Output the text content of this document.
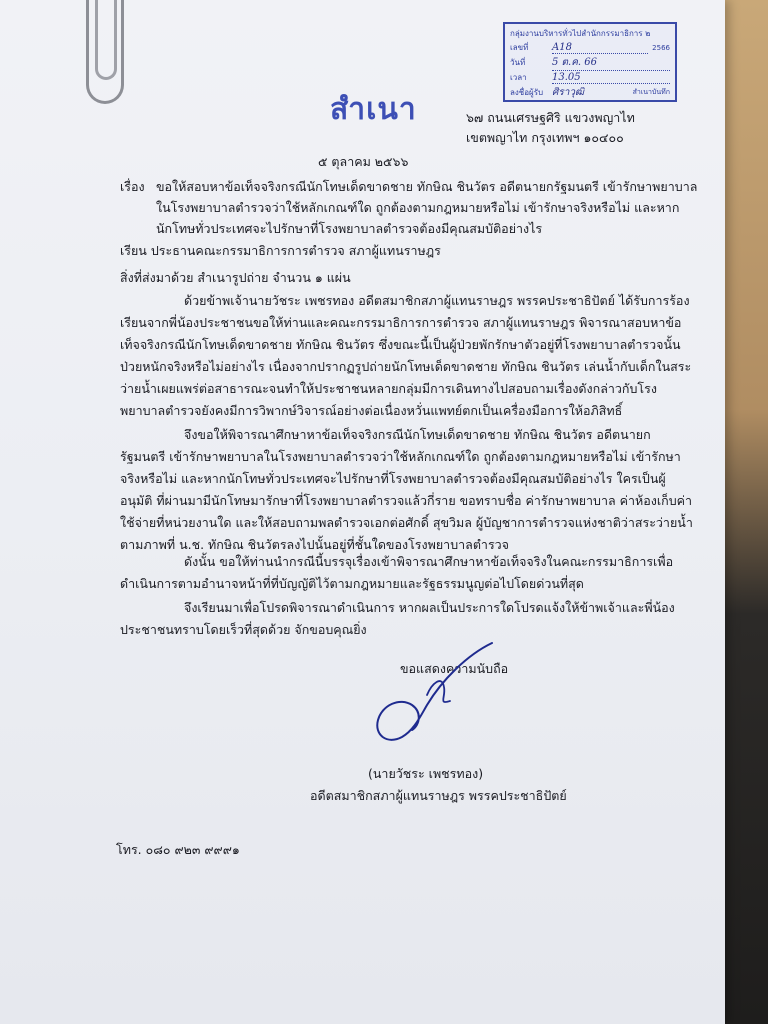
กลุ่มงานบริหารทั่วไปสำนักกรรมาธิการ ๒
เลขที่	A18	2566
วันที่	5 ต.ค. 66
เวลา	13.05
ลงชื่อผู้รับ ศิราวุฒิ	สำเนาบันทึก
สำเนา	๖๗ ถนนเศรษฐศิริ แขวงพญาไท
เขตพญาไท กรุงเทพฯ ๑๐๔๐๐
๕ ตุลาคม ๒๕๖๖
เรื่อง ขอให้สอบหาข้อเท็จจริงกรณีนักโทษเด็ดขาดชาย ทักษิณ ชินวัตร อดีตนายกรัฐมนตรี เข้ารักษาพยาบาลในโรงพยาบาลตำรวจว่าใช้หลักเกณฑ์ใด ถูกต้องตามกฎหมายหรือไม่ เข้ารักษาจริงหรือไม่ และหากนักโทษทั่วประเทศจะไปรักษาที่โรงพยาบาลตำรวจต้องมีคุณสมบัติอย่างไร
เรียน ประธานคณะกรรมาธิการการตำรวจ สภาผู้แทนราษฎร
สิ่งที่ส่งมาด้วย สำเนารูปถ่าย จำนวน ๑ แผ่น
ด้วยข้าพเจ้านายวัชระ เพชรทอง อดีตสมาชิกสภาผู้แทนราษฎร พรรคประชาธิปัตย์ ได้รับการร้องเรียนจากพี่น้องประชาชนขอให้ท่านและคณะกรรมาธิการการตำรวจ สภาผู้แทนราษฎร พิจารณาสอบหาข้อเท็จจริงกรณีนักโทษเด็ดขาดชาย ทักษิณ ชินวัตร ซึ่งขณะนี้เป็นผู้ป่วยพักรักษาตัวอยู่ที่โรงพยาบาลตำรวจนั้นป่วยหนักจริงหรือไม่อย่างไร เนื่องจากปรากฏรูปถ่ายนักโทษเด็ดขาดชาย ทักษิณ ชินวัตร เล่นน้ำกับเด็กในสระว่ายน้ำเผยแพร่ต่อสาธารณะจนทำให้ประชาชนหลายกลุ่มมีการเดินทางไปสอบถามเรื่องดังกล่าวกับโรงพยาบาลตำรวจยังคงมีการวิพากษ์วิจารณ์อย่างต่อเนื่องหวั่นแพทย์ตกเป็นเครื่องมือการให้อภิสิทธิ์
จึงขอให้พิจารณาศึกษาหาข้อเท็จจริงกรณีนักโทษเด็ดขาดชาย ทักษิณ ชินวัตร อดีตนายกรัฐมนตรี เข้ารักษาพยาบาลในโรงพยาบาลตำรวจว่าใช้หลักเกณฑ์ใด ถูกต้องตามกฎหมายหรือไม่ เข้ารักษาจริงหรือไม่ และหากนักโทษทั่วประเทศจะไปรักษาที่โรงพยาบาลตำรวจต้องมีคุณสมบัติอย่างไร ใครเป็นผู้อนุมัติ ที่ผ่านมามีนักโทษมารักษาที่โรงพยาบาลตำรวจแล้วกี่ราย ขอทราบชื่อ ค่ารักษาพยาบาล ค่าห้องเก็บค่าใช้จ่ายที่หน่วยงานใด และให้สอบถามพลตำรวจเอกต่อศักดิ์ สุขวิมล ผู้บัญชาการตำรวจแห่งชาติว่าสระว่ายน้ำตามภาพที่ น.ช. ทักษิณ ชินวัตรลงไปนั้นอยู่ที่ชั้นใดของโรงพยาบาลตำรวจ
ดังนั้น ขอให้ท่านนำกรณีนี้บรรจุเรื่องเข้าพิจารณาศึกษาหาข้อเท็จจริงในคณะกรรมาธิการเพื่อดำเนินการตามอำนาจหน้าที่ที่บัญญัติไว้ตามกฎหมายและรัฐธรรมนูญต่อไปโดยด่วนที่สุด
จึงเรียนมาเพื่อโปรดพิจารณาดำเนินการ หากผลเป็นประการใดโปรดแจ้งให้ข้าพเจ้าและพี่น้องประชาชนทราบโดยเร็วที่สุดด้วย จักขอบคุณยิ่ง
ขอแสดงความนับถือ
(นายวัชระ เพชรทอง)
อดีตสมาชิกสภาผู้แทนราษฎร พรรคประชาธิปัตย์
โทร. ๐๘๐ ๙๒๓ ๙๙๙๑
